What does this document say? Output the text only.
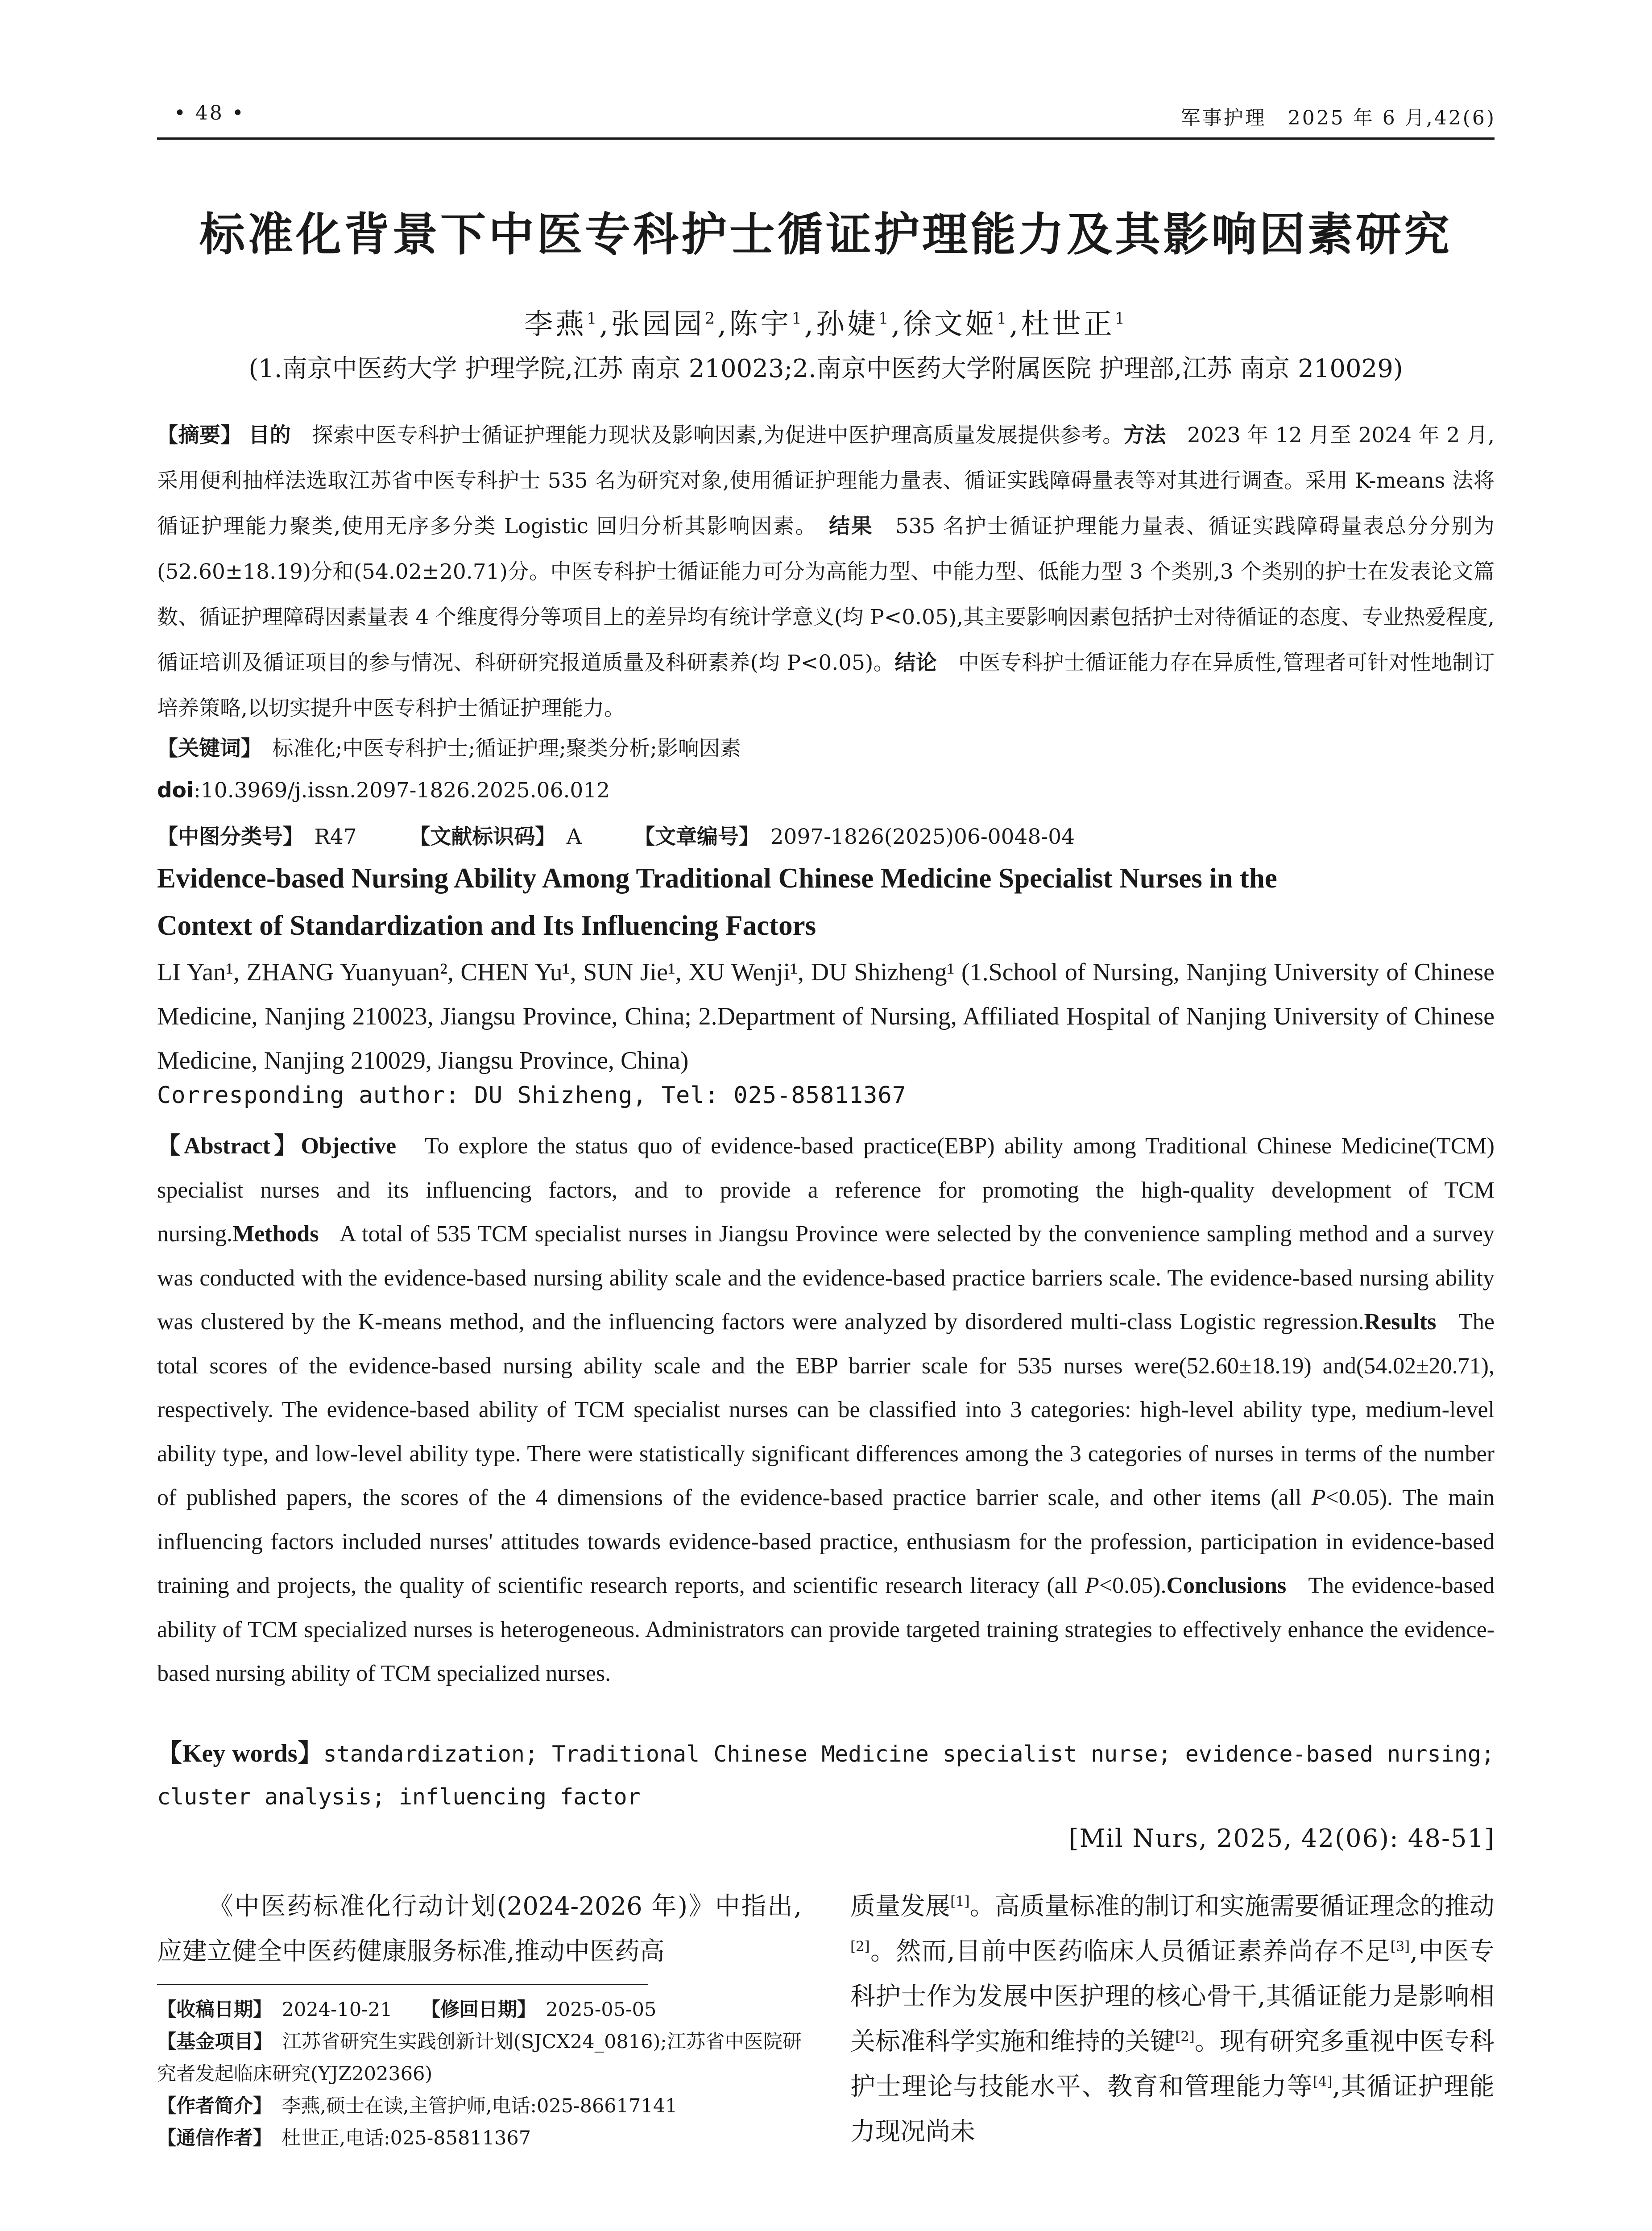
• 48 •	军事护理　2025 年 6 月,42(6)
标准化背景下中医专科护士循证护理能力及其影响因素研究
李燕$^1$,张园园$^2$,陈宇$^1$,孙婕$^1$,徐文姬$^1$,杜世正$^1$
(1.南京中医药大学 护理学院,江苏 南京 210023;2.南京中医药大学附属医院 护理部,江苏 南京 210029)
【摘要】 目的　 探索中医专科护士循证护理能力现状及影响因素,为促进中医护理高质量发展提供参考。方法　 2023 年 12 月至 2024 年 2 月,采用便利抽样法选取江苏省中医专科护士 535 名为研究对象,使用循证护理能力量表、循证实践障碍量表等对其进行调查。采用 K-means 法将循证护理能力聚类,使用无序多分类 Logistic 回归分析其影响因素。　 结果　 535 名护士循证护理能力量表、循证实践障碍量表总分分别为(52.60±18.19)分和(54.02±20.71)分。中医专科护士循证能力可分为高能力型、中能力型、低能力型 3 个类别,3 个类别的护士在发表论文篇数、循证护理障碍因素量表 4 个维度得分等项目上的差异均有统计学意义(均 P<0.05),其主要影响因素包括护士对待循证的态度、专业热爱程度,循证培训及循证项目的参与情况、科研研究报道质量及科研素养(均 P<0.05)。结论　 中医专科护士循证能力存在异质性,管理者可针对性地制订培养策略,以切实提升中医专科护士循证护理能力。
【关键词】　 标准化;中医专科护士;循证护理;聚类分析;影响因素
doi:10.3969/j.issn.2097-1826.2025.06.012
【中图分类号】　 R47　　　	【文献标识码】　 A　　　	【文章编号】　 2097-1826(2025)06-0048-04
Evidence-based Nursing Ability Among Traditional Chinese Medicine Specialist Nurses in the
Context of Standardization and Its Influencing Factors
LI Yan¹, ZHANG Yuanyuan², CHEN Yu¹, SUN Jie¹, XU Wenji¹, DU Shizheng¹ (1.School of Nursing, Nanjing University of Chinese Medicine, Nanjing 210023, Jiangsu Province, China; 2.Department of Nursing, Affiliated Hospital of Nanjing University of Chinese Medicine, Nanjing 210029, Jiangsu Province, China)
Corresponding author: DU Shizheng, Tel: 025-85811367
【Abstract】Objective To explore the status quo of evidence-based practice(EBP) ability among Traditional Chinese Medicine(TCM) specialist nurses and its influencing factors, and to provide a reference for promoting the high-quality development of TCM nursing.Methods A total of 535 TCM specialist nurses in Jiangsu Province were selected by the convenience sampling method and a survey was conducted with the evidence-based nursing ability scale and the evidence-based practice barriers scale. The evidence-based nursing ability was clustered by the K-means method, and the influencing factors were analyzed by disordered multi-class Logistic regression.Results The total scores of the evidence-based nursing ability scale and the EBP barrier scale for 535 nurses were(52.60±18.19) and(54.02±20.71), respectively. The evidence-based ability of TCM specialist nurses can be classified into 3 categories: high-level ability type, medium-level ability type, and low-level ability type. There were statistically significant differences among the 3 categories of nurses in terms of the number of published papers, the scores of the 4 dimensions of the evidence-based practice barrier scale, and other items (all P<0.05). The main influencing factors included nurses' attitudes towards evidence-based practice, enthusiasm for the profession, participation in evidence-based training and projects, the quality of scientific research reports, and scientific research literacy (all P<0.05).Conclusions The evidence-based ability of TCM specialized nurses is heterogeneous. Administrators can provide targeted training strategies to effectively enhance the evidence-based nursing ability of TCM specialized nurses.
【Key words】standardization; Traditional Chinese Medicine specialist nurse; evidence-based nursing; cluster analysis; influencing factor
[Mil Nurs, 2025, 42(06): 48-51]
《中医药标准化行动计划(2024-2026 年)》中指出,应建立健全中医药健康服务标准,推动中医药高
质量发展[1]。高质量标准的制订和实施需要循证理念的推动[2]。然而,目前中医药临床人员循证素养尚存不足[3],中医专科护士作为发展中医护理的核心骨干,其循证能力是影响相关标准科学实施和维持的关键[2]。现有研究多重视中医专科护士理论与技能水平、教育和管理能力等[4],其循证护理能力现况尚未
【收稿日期】　 2024-10-21　　 【修回日期】　 2025-05-05
【基金项目】　 江苏省研究生实践创新计划(SJCX24_0816);江苏省中医院研究者发起临床研究(YJZ202366)
【作者简介】　 李燕,硕士在读,主管护师,电话:025-86617141
【通信作者】　 杜世正,电话:025-85811367
